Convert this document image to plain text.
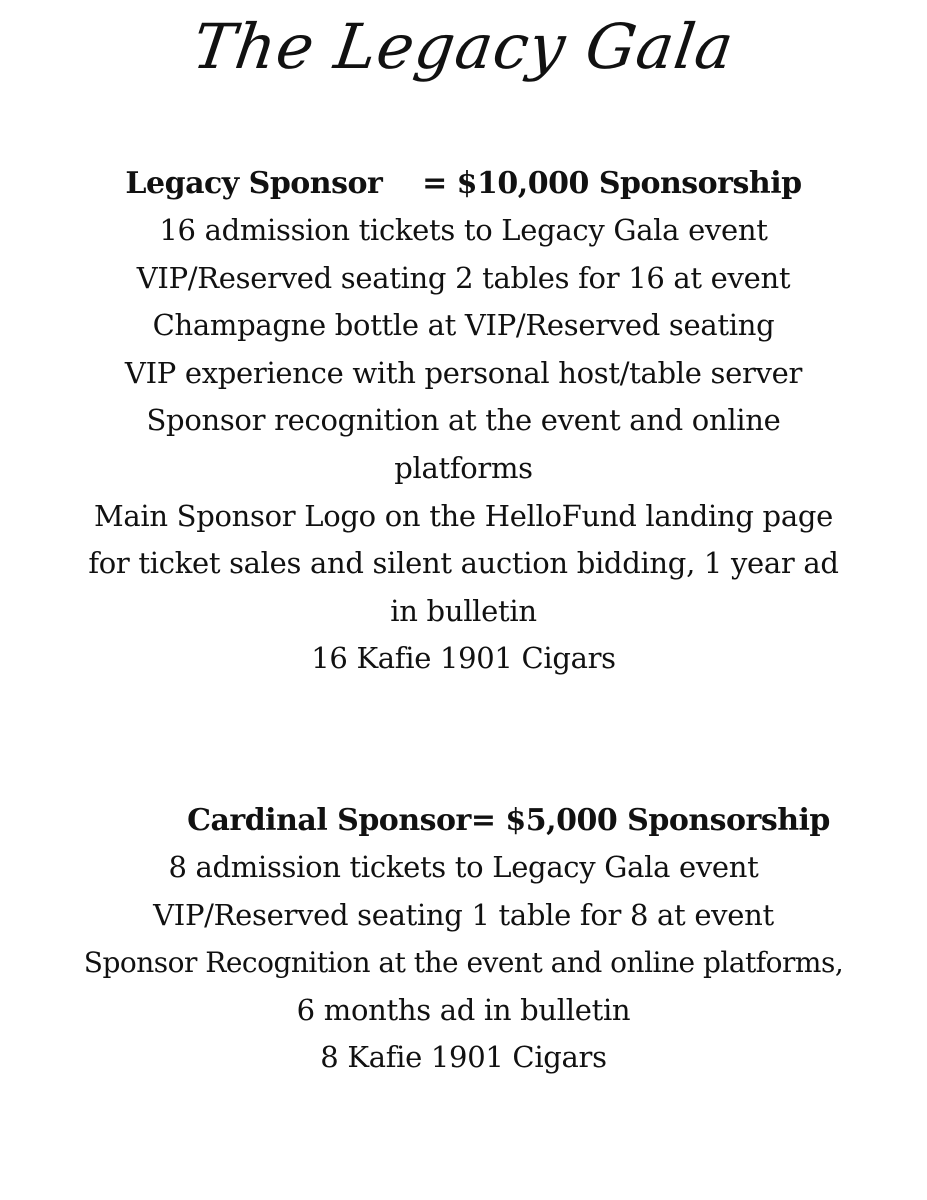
The Legacy Gala

Legacy Sponsor    = $10,000 Sponsorship

16 admission tickets to Legacy Gala event

VIP/Reserved seating 2 tables for 16 at event

Champagne bottle at VIP/Reserved seating

VIP experience with personal host/table server

Sponsor recognition at the event and online

platforms

Main Sponsor Logo on the HelloFund landing page

for ticket sales and silent auction bidding, 1 year ad

in bulletin

16 Kafie 1901 Cigars

Cardinal Sponsor= $5,000 Sponsorship

8 admission tickets to Legacy Gala event

VIP/Reserved seating 1 table for 8 at event

Sponsor Recognition at the event and online platforms,

6 months ad in bulletin

8 Kafie 1901 Cigars
